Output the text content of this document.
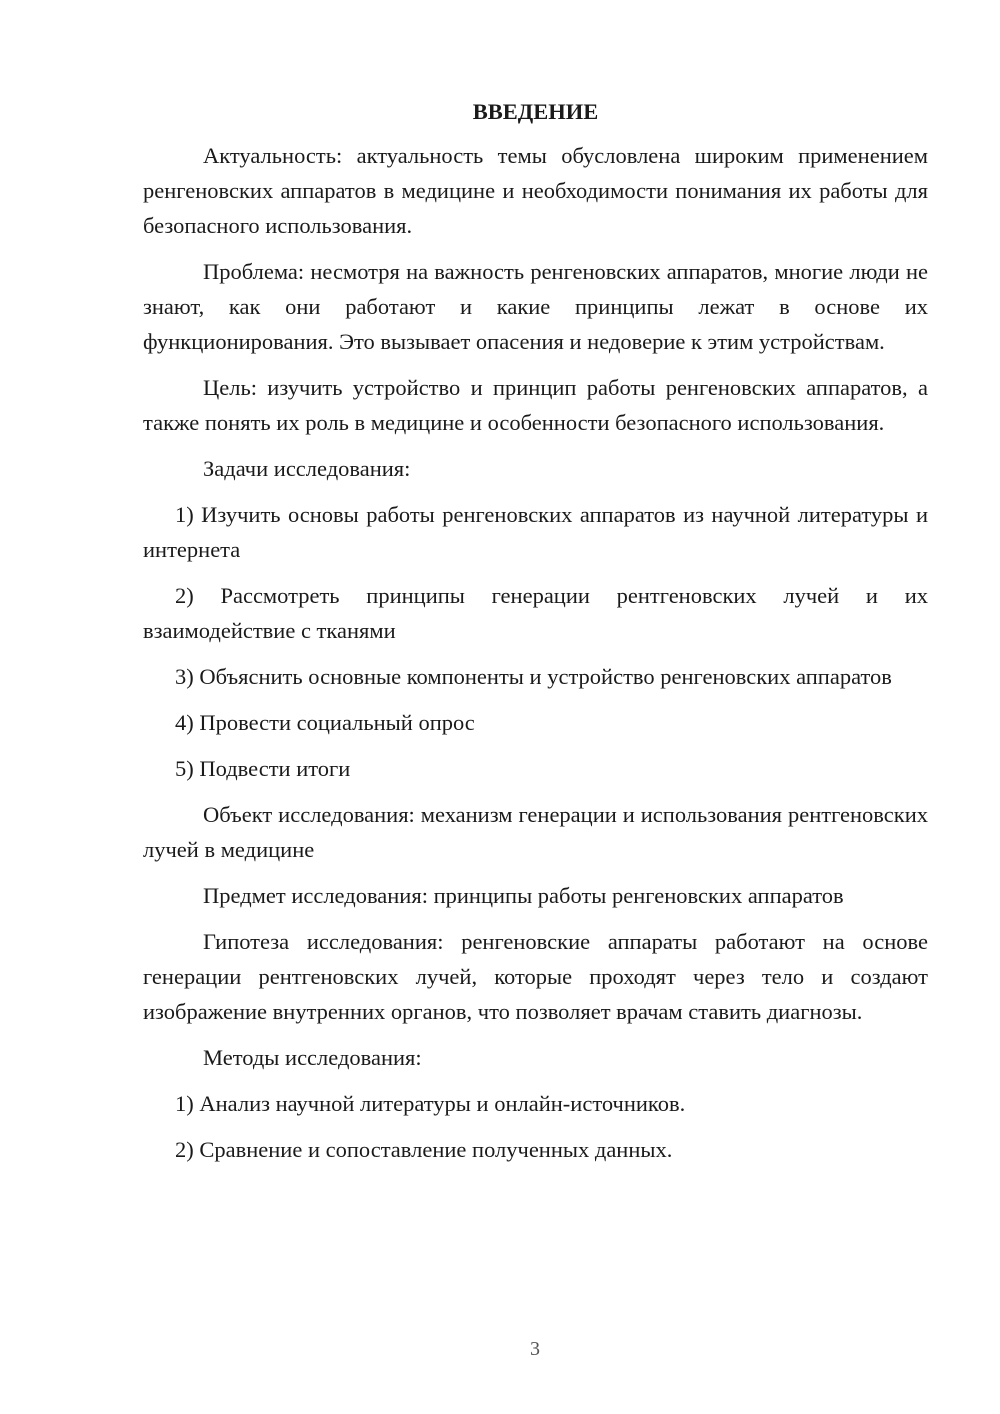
ВВЕДЕНИЕ

Актуальность: актуальность темы обусловлена широким применением ренгеновских аппаратов в медицине и необходимости понимания их работы для безопасного использования.

Проблема: несмотря на важность ренгеновских аппаратов, многие люди не знают, как они работают и какие принципы лежат в основе их функционирования. Это вызывает опасения и недоверие к этим устройствам.

Цель: изучить устройство и принцип работы ренгеновских аппаратов, а также понять их роль в медицине и особенности безопасного использования.

Задачи исследования:

1) Изучить основы работы ренгеновских аппаратов из научной литературы и интернета

2) Рассмотреть принципы генерации рентгеновских лучей и их взаимодействие с тканями

3) Объяснить основные компоненты и устройство ренгеновских аппаратов

4) Провести социальный опрос

5) Подвести итоги

Объект исследования: механизм генерации и использования рентгеновских лучей в медицине

Предмет исследования: принципы работы ренгеновских аппаратов

Гипотеза исследования: ренгеновские аппараты работают на основе генерации рентгеновских лучей, которые проходят через тело и создают изображение внутренних органов, что позволяет врачам ставить диагнозы.

Методы исследования:

1) Анализ научной литературы и онлайн-источников.

2) Сравнение и сопоставление полученных данных.

3
